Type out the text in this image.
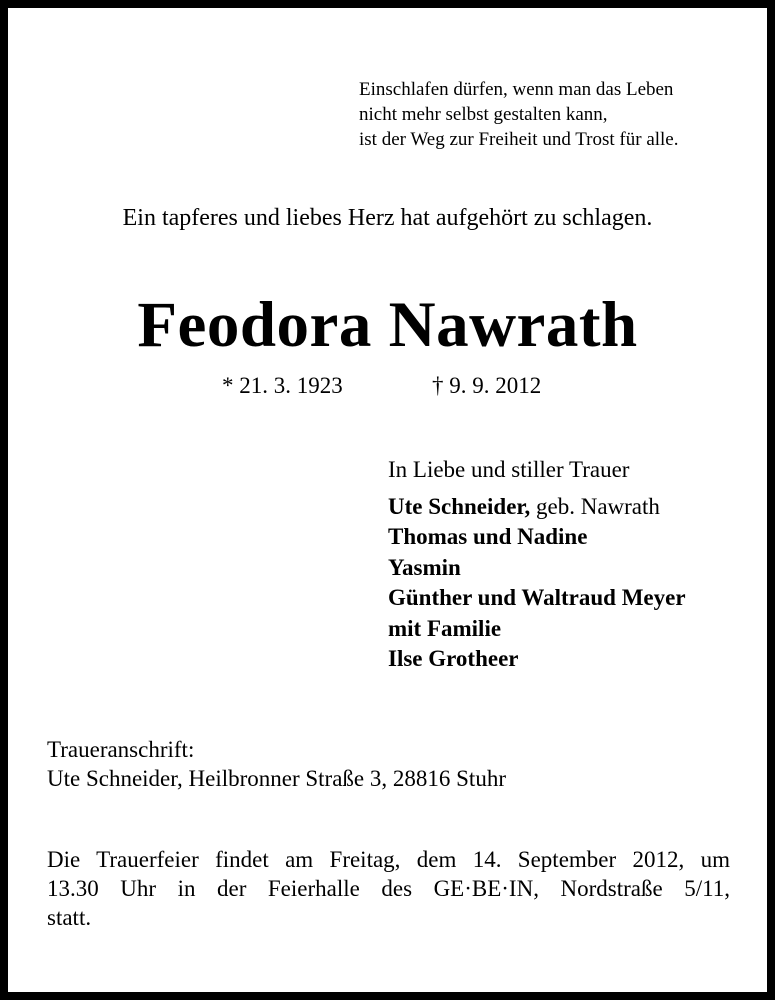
Einschlafen dürfen, wenn man das Leben
nicht mehr selbst gestalten kann,
ist der Weg zur Freiheit und Trost für alle.
Ein tapferes und liebes Herz hat aufgehört zu schlagen.
Feodora Nawrath
* 21. 3. 1923	† 9. 9. 2012
In Liebe und stiller Trauer
Ute Schneider, geb. Nawrath
Thomas und Nadine
Yasmin
Günther und Waltraud Meyer
mit Familie
Ilse Grotheer
Traueranschrift:
Ute Schneider, Heilbronner Straße 3, 28816 Stuhr
Die Trauerfeier findet am Freitag, dem 14. September 2012, um
13.30 Uhr in der Feierhalle des GE·BE·IN, Nordstraße 5/11,
statt.
